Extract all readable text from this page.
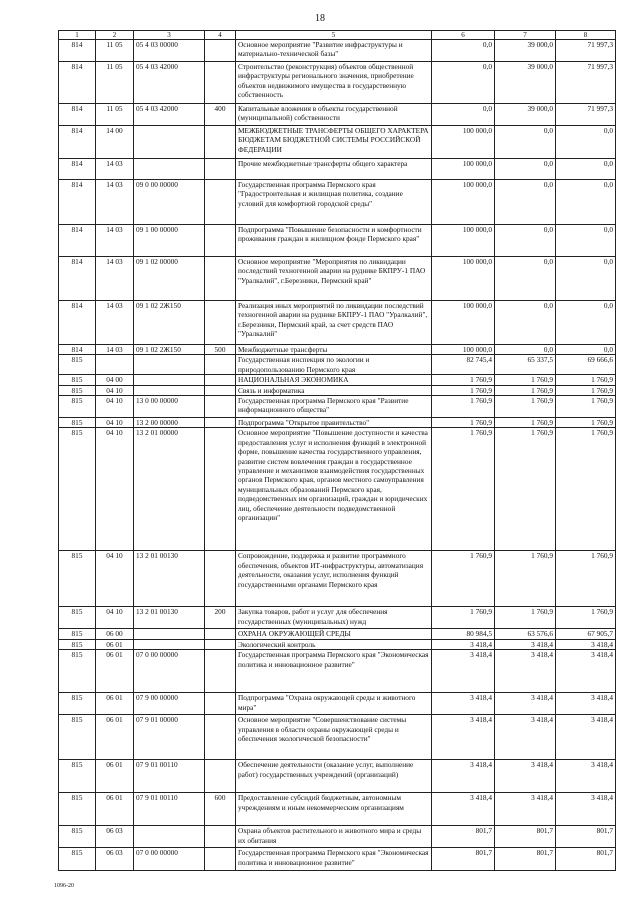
18
1	2	3	4	5	6	7	8
814	11 05	05 4 03 00000		Основное мероприятие "Развитие инфраструктуры и материально-технической базы"	0,0	39 000,0	71 997,3
814	11 05	05 4 03 42000		Строительство (реконструкция) объектов общественной инфраструктуры регионального значения, приобретение объектов недвижимого имущества в государственную собственность	0,0	39 000,0	71 997,3
814	11 05	05 4 03 42000	400	Капитальные вложения в объекты государственной (муниципальной) собственности	0,0	39 000,0	71 997,3
814	14 00			МЕЖБЮДЖЕТНЫЕ ТРАНСФЕРТЫ ОБЩЕГО ХАРАКТЕРА БЮДЖЕТАМ БЮДЖЕТНОЙ СИСТЕМЫ РОССИЙСКОЙ ФЕДЕРАЦИИ	100 000,0	0,0	0,0
814	14 03			Прочие межбюджетные трансферты общего характера	100 000,0	0,0	0,0
814	14 03	09 0 00 00000		Государственная программа Пермского края "Градостроительная и жилищная политика, создание условий для комфортной городской среды"	100 000,0	0,0	0,0
814	14 03	09 1 00 00000		Подпрограмма "Повышение безопасности и комфортности проживания граждан в жилищном фонде Пермского края"	100 000,0	0,0	0,0
814	14 03	09 1 02 00000		Основное мероприятие "Мероприятия по ликвидации последствий техногенной аварии на руднике БКПРУ-1 ПАО "Уралкалий", г.Березники, Пермский край"	100 000,0	0,0	0,0
814	14 03	09 1 02 2Ж150		Реализация иных мероприятий по ликвидации последствий техногенной аварии на руднике БКПРУ-1 ПАО "Уралкалий", г.Березники, Пермский край, за счет средств ПАО "Уралкалий"	100 000,0	0,0	0,0
814	14 03	09 1 02 2Ж150	500	Межбюджетные трансферты	100 000,0	0,0	0,0
815				Государственная инспекция по экологии и природопользованию Пермского края	82 745,4	65 337,5	69 666,6
815	04 00			НАЦИОНАЛЬНАЯ ЭКОНОМИКА	1 760,9	1 760,9	1 760,9
815	04 10			Связь и информатика	1 760,9	1 760,9	1 760,9
815	04 10	13 0 00 00000		Государственная программа Пермского края "Развитие информационного общества"	1 760,9	1 760,9	1 760,9
815	04 10	13 2 00 00000		Подпрограмма "Открытое правительство"	1 760,9	1 760,9	1 760,9
815	04 10	13 2 01 00000		Основное мероприятие "Повышение доступности и качества предоставления услуг и исполнения функций в электронной форме, повышение качества государственного управления, развитие систем вовлечения граждан в государственное управление и механизмов взаимодействия государственных органов Пермского края, органов местного самоуправления муниципальных образований Пермского края, подведомственных им организаций, граждан и юридических лиц, обеспечение деятельности подведомственной организации"	1 760,9	1 760,9	1 760,9
815	04 10	13 2 01 00130		Сопровождение, поддержка и развитие программного обеспечения, объектов ИТ-инфраструктуры, автоматизация деятельности, оказания услуг, исполнения функций государственными органами Пермского края	1 760,9	1 760,9	1 760,9
815	04 10	13 2 01 00130	200	Закупка товаров, работ и услуг для обеспечения государственных (муниципальных) нужд	1 760,9	1 760,9	1 760,9
815	06 00			ОХРАНА ОКРУЖАЮЩЕЙ СРЕДЫ	80 984,5	63 576,6	67 905,7
815	06 01			Экологический контроль	3 418,4	3 418,4	3 418,4
815	06 01	07 0 00 00000		Государственная программа Пермского края "Экономическая политика и инновационное развитие"	3 418,4	3 418,4	3 418,4
815	06 01	07 9 00 00000		Подпрограмма "Охрана окружающей среды и животного мира"	3 418,4	3 418,4	3 418,4
815	06 01	07 9 01 00000		Основное мероприятие "Совершенствование системы управления в области охраны окружающей среды и обеспечения экологической безопасности"	3 418,4	3 418,4	3 418,4
815	06 01	07 9 01 00110		Обеспечение деятельности (оказание услуг, выполнение работ) государственных учреждений (организаций)	3 418,4	3 418,4	3 418,4
815	06 01	07 9 01 00110	600	Предоставление субсидий бюджетным, автономным учреждениям и иным некоммерческим организациям	3 418,4	3 418,4	3 418,4
815	06 03			Охрана объектов растительного и животного мира и среды их обитания	801,7	801,7	801,7
815	06 03	07 0 00 00000		Государственная программа Пермского края "Экономическая политика и инновационное развитие"	801,7	801,7	801,7
1096-20
